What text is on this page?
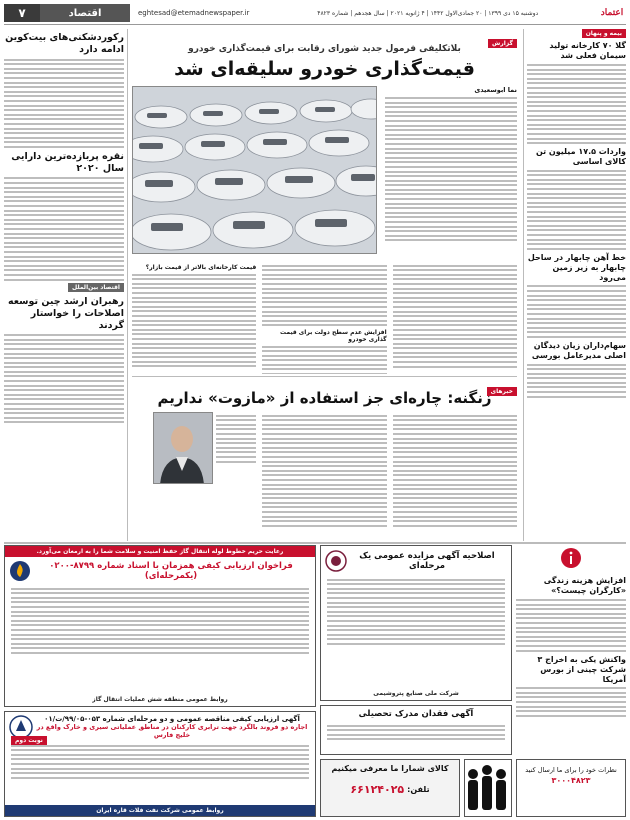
اعتماد
دوشنبه ۱۵ دی ۱۳۹۹ | ۲۰ جمادی‌الاول ۱۴۴۲ | ۴ ژانویه ۲۰۲۱ | سال هجدهم | شماره ۴۸۲۳
eghtesad@etemadnewspaper.ir
اقتصاد
۷
بیمه و پنهان
گلا ۷۰ کارخانه تولید سیمان فعلی شد
واردات ۱۷.۵ میلیون تن کالای اساسی
خط آهن چابهار در ساحل چابهار به زیر زمین می‌رود
سهام‌داران زیان دیدگان اصلی مدیرعامل بورسی
رکوردشکنی‌های بیت‌کوین ادامه دارد
نقره پربازده‌ترین دارایی سال ۲۰۲۰
اقتصاد بین‌الملل
رهبران ارشد چین توسعه اصلاحات را خواستار گردند
گزارش
بلاتکلیفی فرمول جدید شورای رقابت برای قیمت‌گذاری خودرو
قیمت‌گذاری خودرو سلیقه‌ای شد
نما ابوسعیدی
افزایش عدم سطح دولت برای قیمت گذاری خودرو
قیمت کارخانه‌ای بالاتر از قیمت بازار؟
خبرهای
زنگنه: چاره‌ای جز استفاده از «مازوت» نداریم
رعایت حریم خطوط لوله انتقال گاز حفظ امنیت و سلامت شما را به ارمغان می‌آورد.
فراخوان ارزیابی کیفی همزمان با اسناد شماره ۸۷۹۹-۰۲۰۰ (یکمرحله‌ای)
روابط عمومی منطقه شش عملیات انتقال گاز
آگهی ارزیابی کیفی مناقصه عمومی و دو مرحله‌ای شماره ۰۵۳-۹۹/۰۵/ت/۰۱
اجاره دو فروند بالگرد جهت ترابری کارکنان در مناطق عملیاتی سیری و خارک واقع در خلیج فارس
نوبت دوم
روابط عمومی شرکت نفت فلات قاره ایران
اصلاحیه آگهی مزایده عمومی یک مرحله‌ای
شرکت ملی صنایع پتروشیمی
آگهی فقدان مدرک تحصیلی
کالای شمارا ما معرفی میکنیم
تلفن:
۶۶۱۲۴۰۲۵
نظرات خود را برای ما ارسال کنید
۳۰۰۰۴۸۲۳
افزایش هزینه زندگی «کارگران چیست؟»
واکنش یکی به اخراج ۳ شرکت چینی از بورس آمریکا
